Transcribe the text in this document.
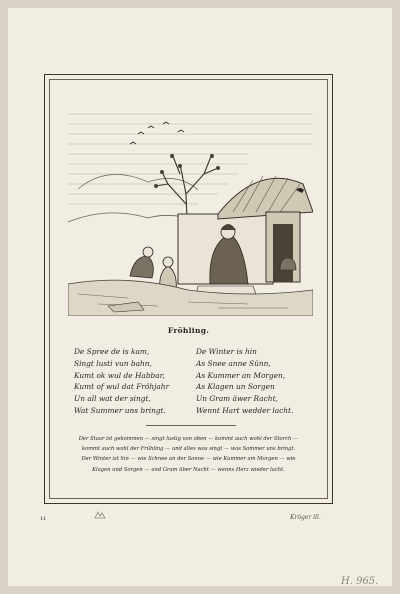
Fröhling.
De Spree de is kam,
Singt lusti vun bahn,
Kumt ok wul de Habbar,
Kumt of wul dat Fröhjahr
Un all wat der singt,
Wat Summer uns bringt.
De Winter is hin
As Snee anne Sünn,
As Kummer an Morgen,
As Klagen un Sorgen
Un Gram äwer Racht,
Wennt Hart wedder lacht.
Der Staar ist gekommen — singt lustig von oben — kommt auch wohl der Storch —
kommt auch wohl der Frühling — und alles was singt — was Sommer uns bringt.
Der Winter ist hin — wie Schnee an der Sonne — wie Kummer am Morgen — wie
Klagen und Sorgen — und Gram über Nacht — wenns Herz wieder lacht.
11	Kröger ill.
H. 965.
